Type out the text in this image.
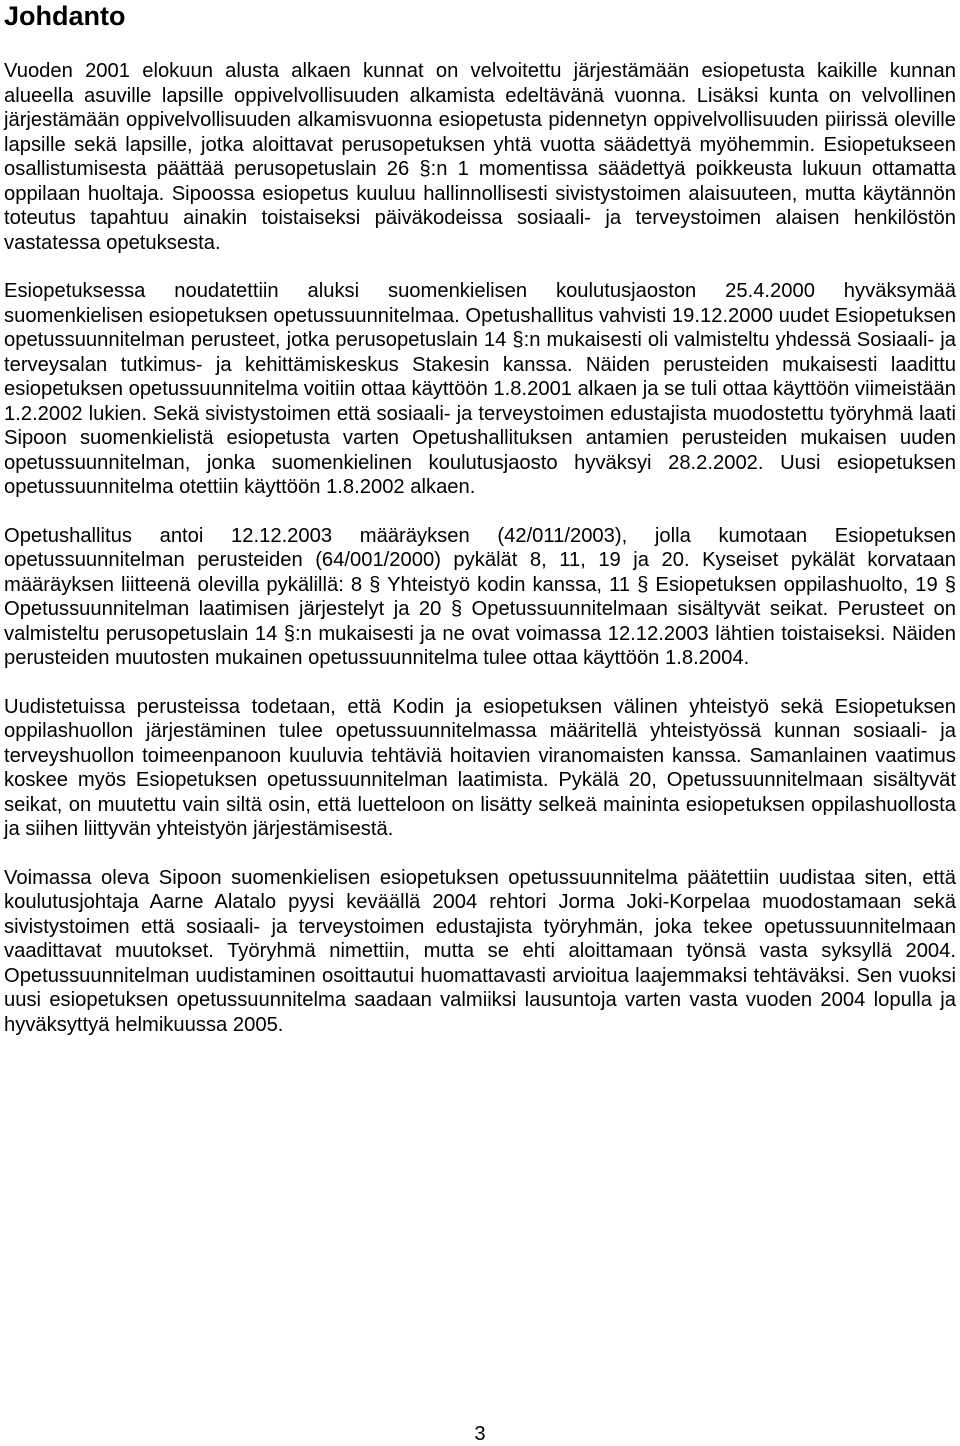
Johdanto

Vuoden 2001 elokuun alusta alkaen kunnat on velvoitettu järjestämään esiopetusta kaikille kunnan alueella asuville lapsille oppivelvollisuuden alkamista edeltävänä vuonna. Lisäksi kunta on velvollinen järjestämään oppivelvollisuuden alkamisvuonna esiopetusta pidennetyn oppivelvollisuuden piirissä oleville lapsille sekä lapsille, jotka aloittavat perusopetuksen yhtä vuotta säädettyä myöhemmin. Esiopetukseen osallistumisesta päättää perusopetuslain 26 §:n 1 momentissa säädettyä poikkeusta lukuun ottamatta oppilaan huoltaja. Sipoossa esiopetus kuuluu hallinnollisesti sivistystoimen alaisuuteen, mutta käytännön toteutus tapahtuu ainakin toistaiseksi päiväkodeissa sosiaali- ja terveystoimen alaisen henkilöstön vastatessa opetuksesta.

Esiopetuksessa noudatettiin aluksi suomenkielisen koulutusjaoston 25.4.2000 hyväksymää suomenkielisen esiopetuksen opetussuunnitelmaa. Opetushallitus vahvisti 19.12.2000 uudet Esiopetuksen opetussuunnitelman perusteet, jotka perusopetuslain 14 §:n mukaisesti oli valmisteltu yhdessä Sosiaali- ja terveysalan tutkimus- ja kehittämiskeskus Stakesin kanssa. Näiden perusteiden mukaisesti laadittu esiopetuksen opetussuunnitelma voitiin ottaa käyttöön 1.8.2001 alkaen ja se tuli ottaa käyttöön viimeistään 1.2.2002 lukien. Sekä sivistystoimen että sosiaali- ja terveystoimen edustajista muodostettu työryhmä laati Sipoon suomenkielistä esiopetusta varten Opetushallituksen antamien perusteiden mukaisen uuden opetussuunnitelman, jonka suomenkielinen koulutusjaosto hyväksyi 28.2.2002. Uusi esiopetuksen opetussuunnitelma otettiin käyttöön 1.8.2002 alkaen.

Opetushallitus antoi 12.12.2003 määräyksen (42/011/2003), jolla kumotaan Esiopetuksen opetussuunnitelman perusteiden (64/001/2000) pykälät 8, 11, 19 ja 20. Kyseiset pykälät korvataan määräyksen liitteenä olevilla pykälillä: 8 § Yhteistyö kodin kanssa, 11 § Esiopetuksen oppilashuolto, 19 § Opetussuunnitelman laatimisen järjestelyt ja 20 § Opetussuunnitelmaan sisältyvät seikat. Perusteet on valmisteltu perusopetuslain 14 §:n mukaisesti ja ne ovat voimassa 12.12.2003 lähtien toistaiseksi. Näiden perusteiden muutosten mukainen opetussuunnitelma tulee ottaa käyttöön 1.8.2004.

Uudistetuissa perusteissa todetaan, että Kodin ja esiopetuksen välinen yhteistyö sekä Esiopetuksen oppilashuollon järjestäminen tulee opetussuunnitelmassa määritellä yhteistyössä kunnan sosiaali- ja terveyshuollon toimeenpanoon kuuluvia tehtäviä hoitavien viranomaisten kanssa. Samanlainen vaatimus koskee myös Esiopetuksen opetussuunnitelman laatimista. Pykälä 20, Opetussuunnitelmaan sisältyvät seikat, on muutettu vain siltä osin, että luetteloon on lisätty selkeä maininta esiopetuksen oppilashuollosta ja siihen liittyvän yhteistyön järjestämisestä.

Voimassa oleva Sipoon suomenkielisen esiopetuksen opetussuunnitelma päätettiin uudistaa siten, että koulutusjohtaja Aarne Alatalo pyysi keväällä 2004 rehtori Jorma Joki-Korpelaa muodostamaan sekä sivistystoimen että sosiaali- ja terveystoimen edustajista työryhmän, joka tekee opetussuunnitelmaan vaadittavat muutokset. Työryhmä nimettiin, mutta se ehti aloittamaan työnsä vasta syksyllä 2004. Opetussuunnitelman uudistaminen osoittautui huomattavasti arvioitua laajemmaksi tehtäväksi. Sen vuoksi uusi esiopetuksen opetussuunnitelma saadaan valmiiksi lausuntoja varten vasta vuoden 2004 lopulla ja hyväksyttyä helmikuussa 2005.

3
